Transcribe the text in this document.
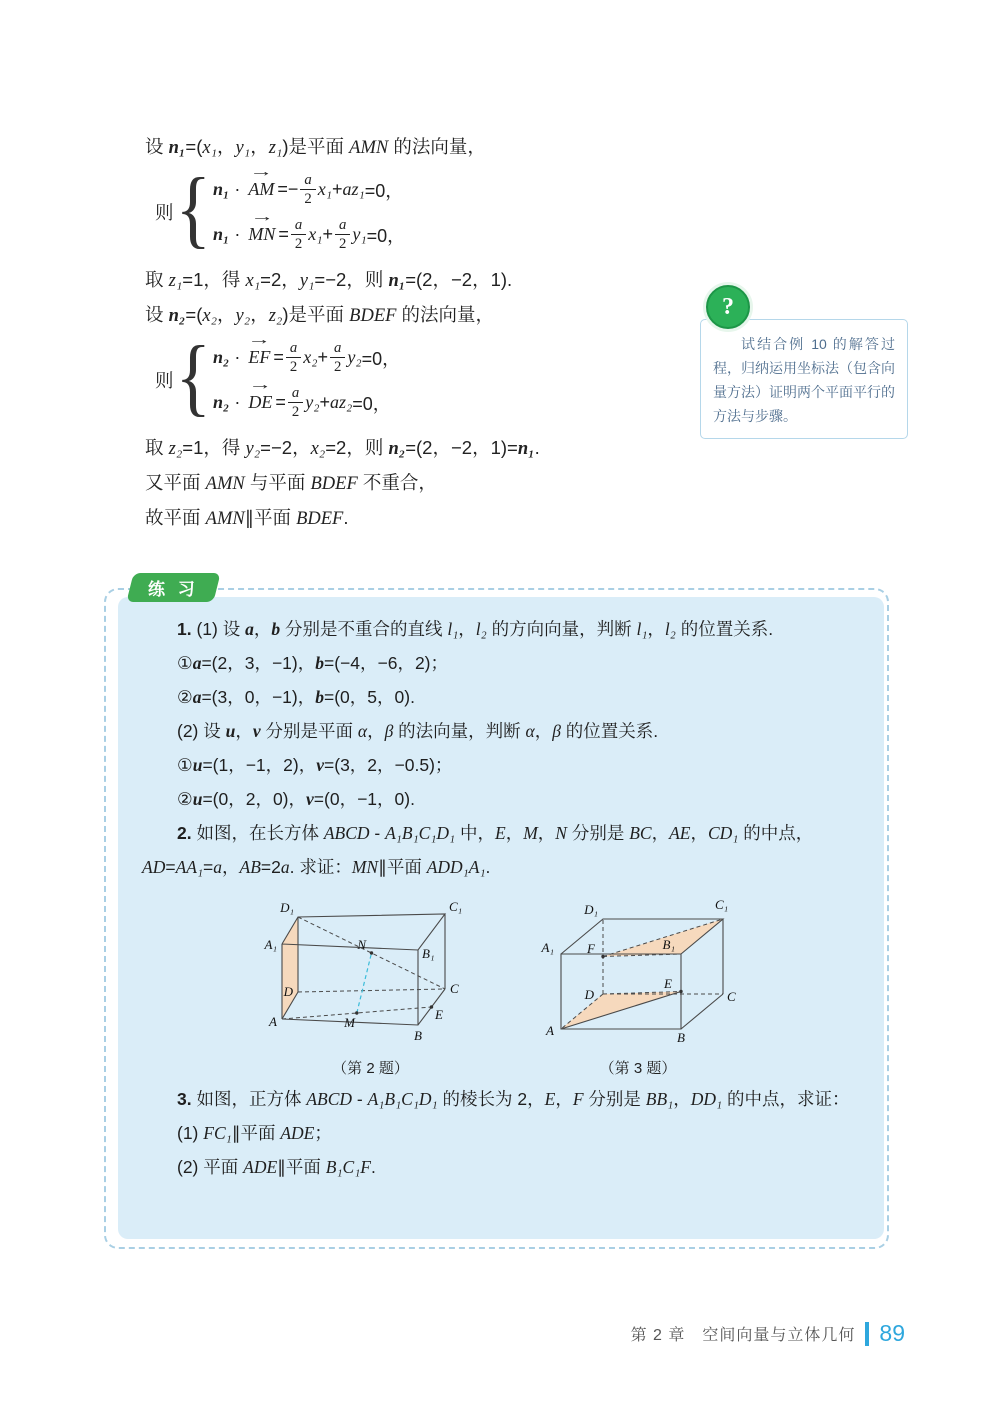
设 n₁=(x₁，y₁，z₁)是平面 AMN 的法向量，

则 { n₁ · AM → =− $\frac{a}{2} x_1 + az_1 =0$，
n₁ · MN → = $\frac{a}{2} x_1 + \frac{a}{2} y_1 =0$，

取 z₁=1，得 x₁=2，y₁=−2，则 n₁=(2，−2，1).

设 n₂=(x₂，y₂，z₂)是平面 BDEF 的法向量，

则 { n₂ · EF → = $\frac{a}{2} x_2 + \frac{a}{2} y_2 =0$，
n₂ · DE → = $\frac{a}{2} y_2 + az_2 =0$，

取 z₂=1，得 y₂=−2，x₂=2，则 n₂=(2，−2，1)=n₁.

又平面 AMN 与平面 BDEF 不重合，

故平面 AMN∥平面 BDEF.

?

试结合例 10 的解答过程，归纳运用坐标法（包含向量方法）证明两个平面平行的方法与步骤。

练 习

1. (1) 设 a，b 分别是不重合的直线 l₁，l₂ 的方向向量，判断 l₁，l₂ 的位置关系.

①a=(2，3，−1)，b=(−4，−6，2)；

②a=(3，0，−1)，b=(0，5，0).

(2) 设 u，v 分别是平面 α，β 的法向量，判断 α，β 的位置关系.

①u=(1，−1，2)，v=(3，2，−0.5)；

②u=(0，2，0)，v=(0，−1，0).

2. 如图，在长方体 ABCD - A₁B₁C₁D₁ 中，E，M，N 分别是 BC，AE，CD₁ 的中点，AD=AA₁=a，AB=2a. 求证：MN∥平面 ADD₁A₁.

D₁	C₁
A₁
B₁
N
D	C
M
E
A
B
（第 2 题）
D₁	C₁
A₁	B₁
F
E
D	C
A	B
（第 3 题）

3. 如图，正方体 ABCD - A₁B₁C₁D₁ 的棱长为 2，E，F 分别是 BB₁，DD₁ 的中点，求证：

(1) FC₁∥平面 ADE；

(2) 平面 ADE∥平面 B₁C₁F.

第 2 章　空间向量与立体几何 89
